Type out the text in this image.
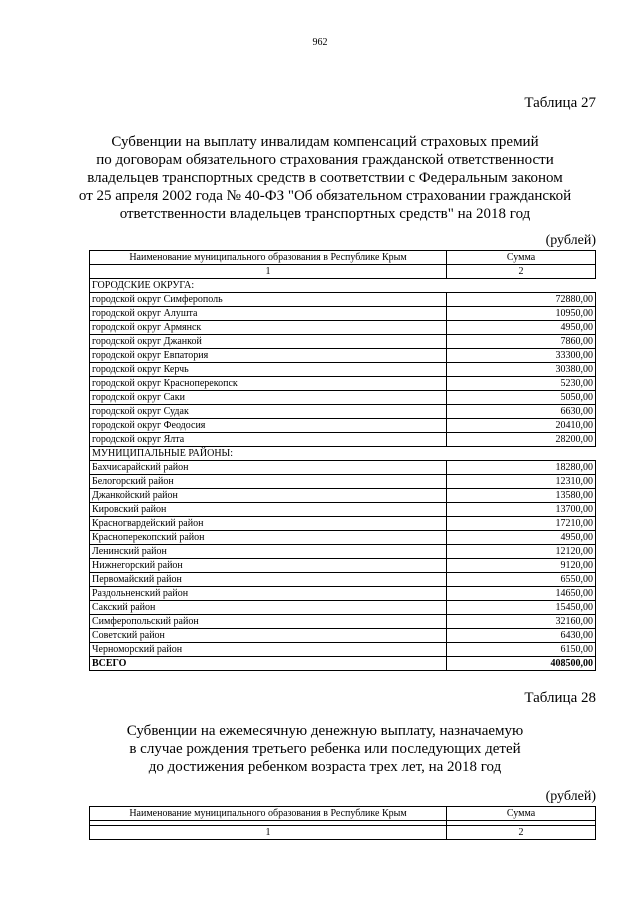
962
Таблица 27
Субвенции на выплату инвалидам компенсаций страховых премий
по договорам обязательного страхования гражданской ответственности
владельцев транспортных средств в соответствии с Федеральным законом
от 25 апреля 2002 года № 40-ФЗ "Об обязательном страховании гражданской
ответственности владельцев транспортных средств" на 2018 год
(рублей)
Наименование муниципального образования в Республике Крым	Сумма
1	2
ГОРОДСКИЕ ОКРУГА:	
городской округ Симферополь	72880,00
городской округ Алушта	10950,00
городской округ Армянск	4950,00
городской округ Джанкой	7860,00
городской округ Евпатория	33300,00
городской округ Керчь	30380,00
городской округ Красноперекопск	5230,00
городской округ Саки	5050,00
городской округ Судак	6630,00
городской округ Феодосия	20410,00
городской округ Ялта	28200,00
МУНИЦИПАЛЬНЫЕ РАЙОНЫ:	
Бахчисарайский район	18280,00
Белогорский район	12310,00
Джанкойский район	13580,00
Кировский район	13700,00
Красногвардейский район	17210,00
Красноперекопский район	4950,00
Ленинский район	12120,00
Нижнегорский район	9120,00
Первомайский район	6550,00
Раздольненский район	14650,00
Сакский район	15450,00
Симферопольский район	32160,00
Советский район	6430,00
Черноморский район	6150,00
ВСЕГО	408500,00
Таблица 28
Субвенции на ежемесячную денежную выплату, назначаемую
в случае рождения третьего ребенка или последующих детей
до достижения ребенком возраста трех лет, на 2018 год
(рублей)
Наименование муниципального образования в Республике Крым	Сумма

1	2
